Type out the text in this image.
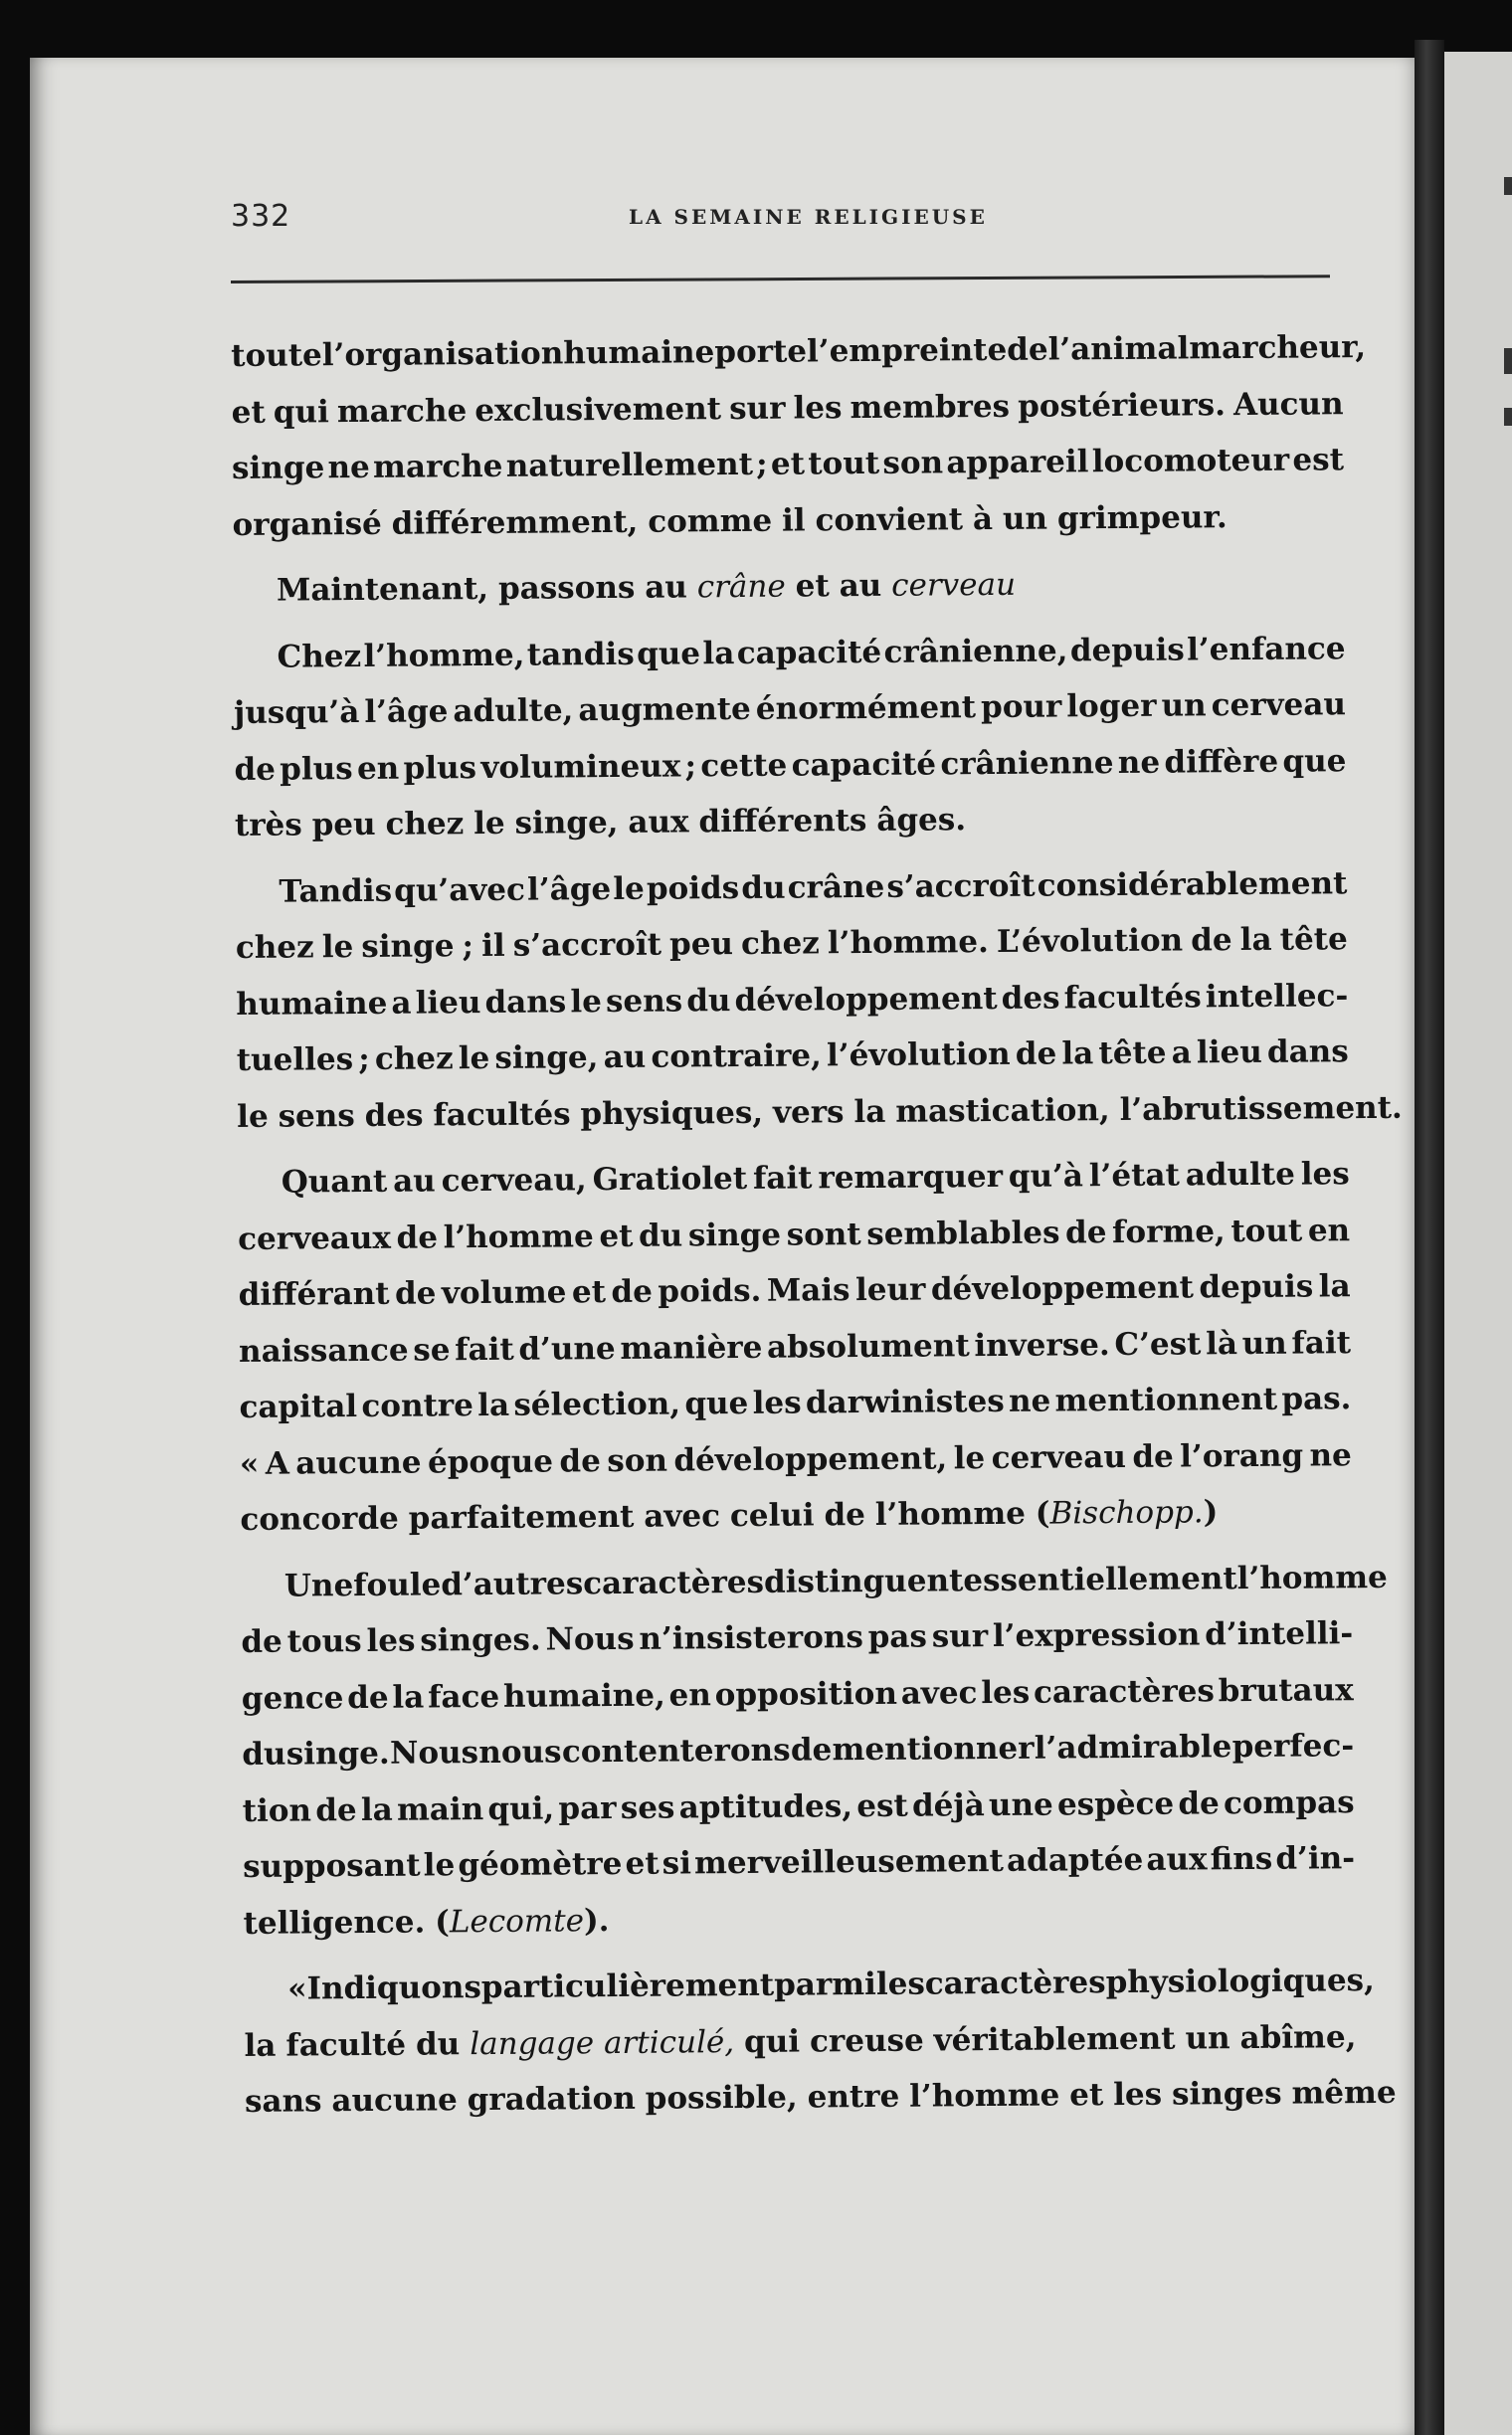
332	LA SEMAINE RELIGIEUSE
toute l’organisation humaine porte l’empreinte de l’animal marcheur,
et qui marche exclusivement sur les membres postérieurs. Aucun
singe ne marche naturellement ; et tout son appareil locomoteur est
organisé différemment, comme il convient à un grimpeur.
Maintenant, passons au crâne et au cerveau
Chez l’homme, tandis que la capacité crânienne, depuis l’enfance
jusqu’à l’âge adulte, augmente énormément pour loger un cerveau
de plus en plus volumineux ; cette capacité crânienne ne diffère que
très peu chez le singe, aux différents âges.
Tandis qu’avec l’âge le poids du crâne s’accroît considérablement
chez le singe ; il s’accroît peu chez l’homme. L’évolution de la tête
humaine a lieu dans le sens du développement des facultés intellec-
tuelles ; chez le singe, au contraire, l’évolution de la tête a lieu dans
le sens des facultés physiques, vers la mastication, l’abrutissement.
Quant au cerveau, Gratiolet fait remarquer qu’à l’état adulte les
cerveaux de l’homme et du singe sont semblables de forme, tout en
différant de volume et de poids. Mais leur développement depuis la
naissance se fait d’une manière absolument inverse. C’est là un fait
capital contre la sélection, que les darwinistes ne mentionnent pas.
« A aucune époque de son développement, le cerveau de l’orang ne
concorde parfaitement avec celui de l’homme (Bischopp.)
Une foule d’autres caractères distinguent essentiellement l’homme
de tous les singes. Nous n’insisterons pas sur l’expression d’intelli-
gence de la face humaine, en opposition avec les caractères brutaux
du singe. Nous nous contenterons de mentionner l’admirable perfec-
tion de la main qui, par ses aptitudes, est déjà une espèce de compas
supposant le géomètre et si merveilleusement adaptée aux fins d’in-
telligence. (Lecomte).
« Indiquons particulièrement parmi les caractères physiologiques,
la faculté du langage articulé, qui creuse véritablement un abîme,
sans aucune gradation possible, entre l’homme et les singes même
